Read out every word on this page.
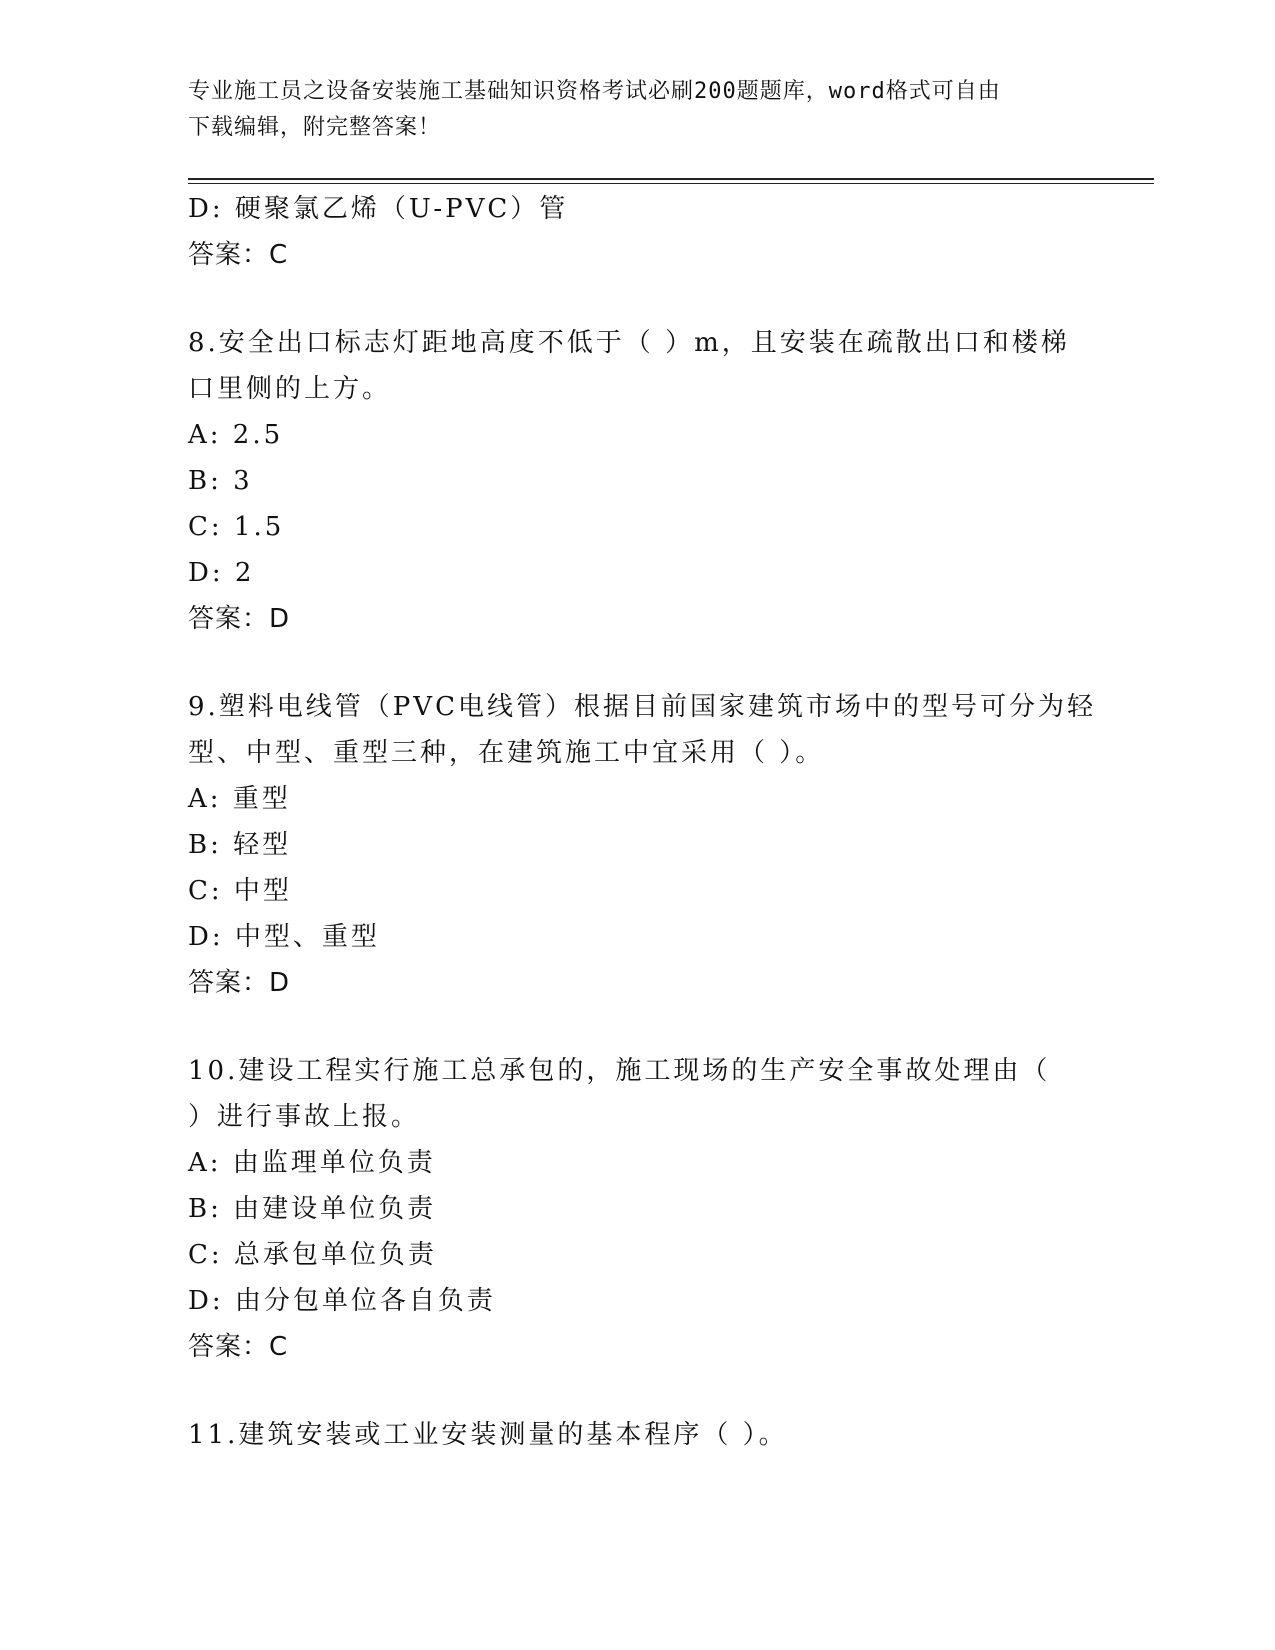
专业施工员之设备安装施工基础知识资格考试必刷200题题库，word格式可自由
下载编辑，附完整答案！
D: 硬聚氯乙烯（U-PVC）管
答案：C
8.安全出口标志灯距地高度不低于（ ）m，且安装在疏散出口和楼梯
口里侧的上方。
A: 2.5
B: 3
C: 1.5
D: 2
答案：D
9.塑料电线管（PVC电线管）根据目前国家建筑市场中的型号可分为轻
型、中型、重型三种，在建筑施工中宜采用（ ）。
A: 重型
B: 轻型
C: 中型
D: 中型、重型
答案：D
10.建设工程实行施工总承包的，施工现场的生产安全事故处理由（
）进行事故上报。
A: 由监理单位负责
B: 由建设单位负责
C: 总承包单位负责
D: 由分包单位各自负责
答案：C
11.建筑安装或工业安装测量的基本程序（ ）。
